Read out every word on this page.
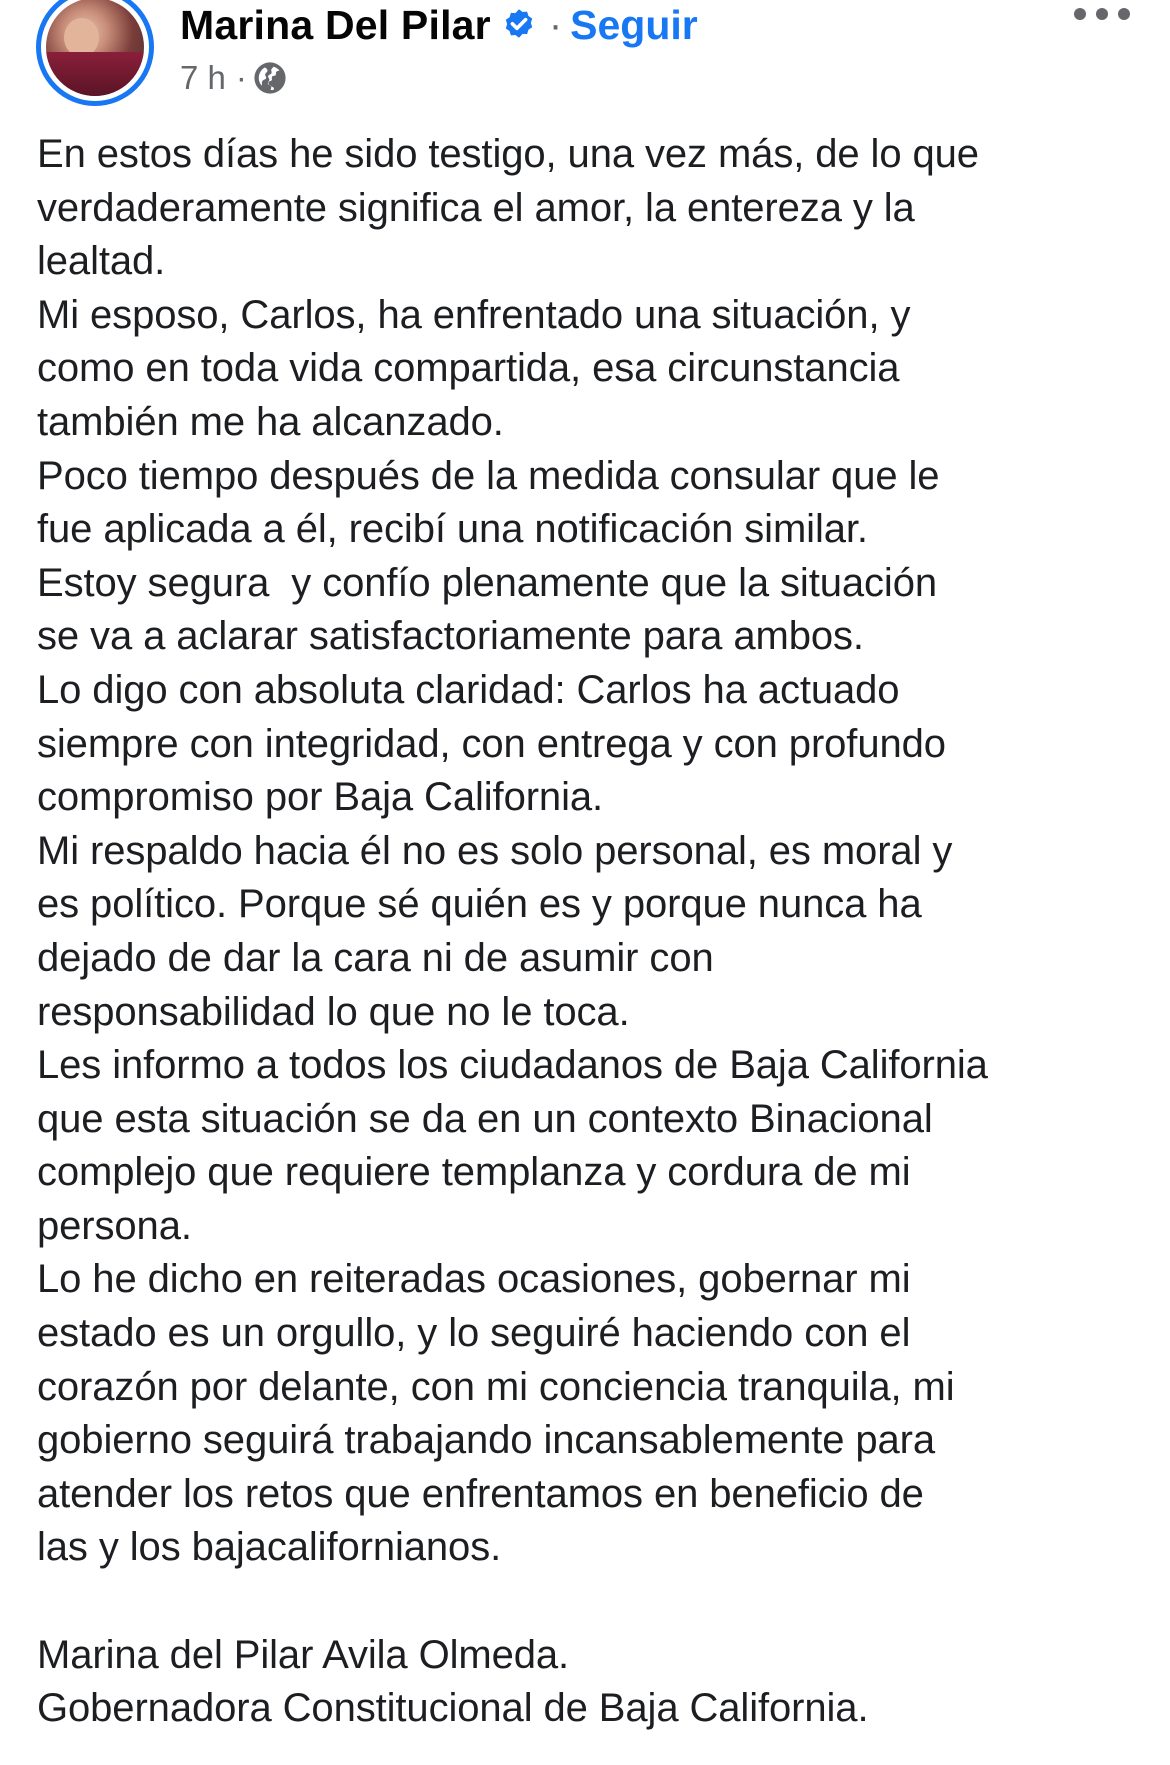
Marina Del Pilar · Seguir
7 h ·
En estos días he sido testigo, una vez más, de lo que
verdaderamente significa el amor, la entereza y la
lealtad.
Mi esposo, Carlos, ha enfrentado una situación, y
como en toda vida compartida, esa circunstancia
también me ha alcanzado.
Poco tiempo después de la medida consular que le
fue aplicada a él, recibí una notificación similar.
Estoy segura  y confío plenamente que la situación
se va a aclarar satisfactoriamente para ambos.
Lo digo con absoluta claridad: Carlos ha actuado
siempre con integridad, con entrega y con profundo
compromiso por Baja California.
Mi respaldo hacia él no es solo personal, es moral y
es político. Porque sé quién es y porque nunca ha
dejado de dar la cara ni de asumir con
responsabilidad lo que no le toca.
Les informo a todos los ciudadanos de Baja California
que esta situación se da en un contexto Binacional
complejo que requiere templanza y cordura de mi
persona.
Lo he dicho en reiteradas ocasiones, gobernar mi
estado es un orgullo, y lo seguiré haciendo con el
corazón por delante, con mi conciencia tranquila, mi
gobierno seguirá trabajando incansablemente para
atender los retos que enfrentamos en beneficio de
las y los bajacalifornianos.
Marina del Pilar Avila Olmeda.
Gobernadora Constitucional de Baja California.
